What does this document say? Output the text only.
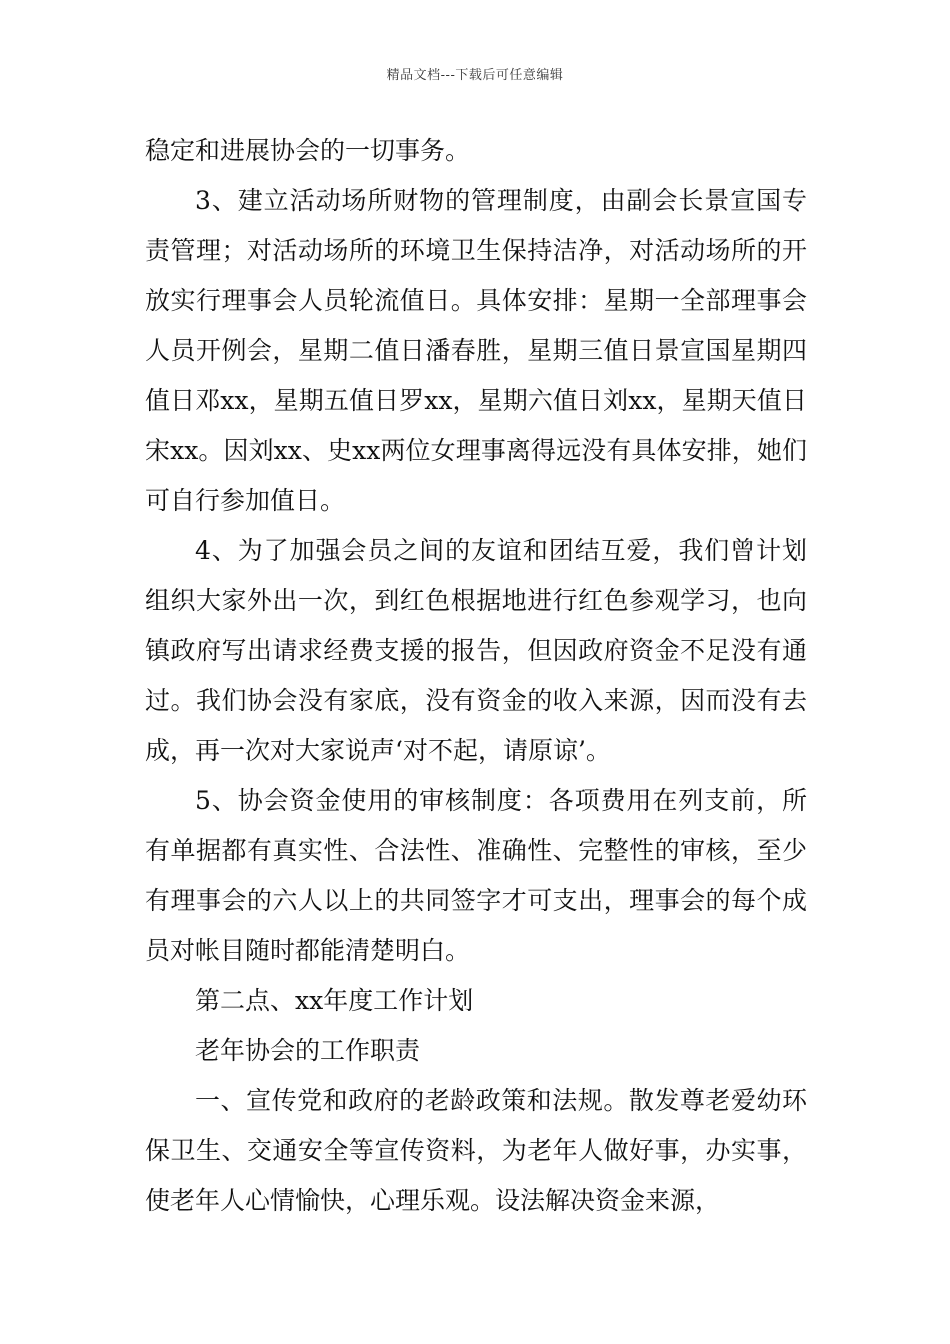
精品文档---下载后可任意编辑

稳定和进展协会的一切事务。

3、建立活动场所财物的管理制度，由副会长景宣国专责管理；对活动场所的环境卫生保持洁净，对活动场所的开放实行理事会人员轮流值日。具体安排：星期一全部理事会人员开例会，星期二值日潘春胜，星期三值日景宣国星期四值日邓xx，星期五值日罗xx，星期六值日刘xx，星期天值日宋xx。因刘xx、史xx两位女理事离得远没有具体安排，她们可自行参加值日。

4、为了加强会员之间的友谊和团结互爱，我们曾计划组织大家外出一次，到红色根据地进行红色参观学习，也向镇政府写出请求经费支援的报告，但因政府资金不足没有通过。我们协会没有家底，没有资金的收入来源，因而没有去成，再一次对大家说声‘对不起，请原谅’。

5、协会资金使用的审核制度：各项费用在列支前，所有单据都有真实性、合法性、准确性、完整性的审核，至少有理事会的六人以上的共同签字才可支出，理事会的每个成员对帐目随时都能清楚明白。

第二点、xx年度工作计划

老年协会的工作职责

一、宣传党和政府的老龄政策和法规。散发尊老爱幼环保卫生、交通安全等宣传资料，为老年人做好事，办实事，使老年人心情愉快，心理乐观。设法解决资金来源，
